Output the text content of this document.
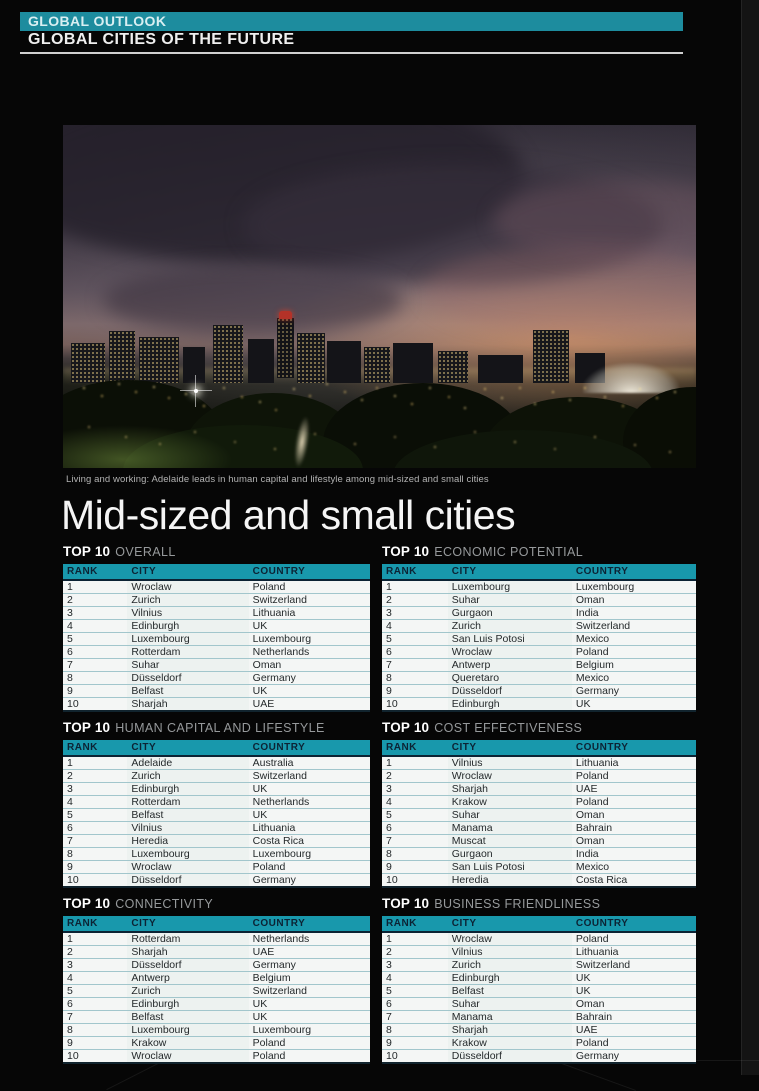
GLOBAL OUTLOOK
GLOBAL CITIES OF THE FUTURE
Living and working: Adelaide leads in human capital and lifestyle among mid-sized and small cities
Mid-sized and small cities
TOP 10 OVERALL
RANK	CITY	COUNTRY
1	Wroclaw	Poland
2	Zurich	Switzerland
3	Vilnius	Lithuania
4	Edinburgh	UK
5	Luxembourg	Luxembourg
6	Rotterdam	Netherlands
7	Suhar	Oman
8	Düsseldorf	Germany
9	Belfast	UK
10	Sharjah	UAE
TOP 10 ECONOMIC POTENTIAL
RANK	CITY	COUNTRY
1	Luxembourg	Luxembourg
2	Suhar	Oman
3	Gurgaon	India
4	Zurich	Switzerland
5	San Luis Potosi	Mexico
6	Wroclaw	Poland
7	Antwerp	Belgium
8	Queretaro	Mexico
9	Düsseldorf	Germany
10	Edinburgh	UK
TOP 10 HUMAN CAPITAL AND LIFESTYLE
RANK	CITY	COUNTRY
1	Adelaide	Australia
2	Zurich	Switzerland
3	Edinburgh	UK
4	Rotterdam	Netherlands
5	Belfast	UK
6	Vilnius	Lithuania
7	Heredia	Costa Rica
8	Luxembourg	Luxembourg
9	Wroclaw	Poland
10	Düsseldorf	Germany
TOP 10 COST EFFECTIVENESS
RANK	CITY	COUNTRY
1	Vilnius	Lithuania
2	Wroclaw	Poland
3	Sharjah	UAE
4	Krakow	Poland
5	Suhar	Oman
6	Manama	Bahrain
7	Muscat	Oman
8	Gurgaon	India
9	San Luis Potosi	Mexico
10	Heredia	Costa Rica
TOP 10 CONNECTIVITY
RANK	CITY	COUNTRY
1	Rotterdam	Netherlands
2	Sharjah	UAE
3	Düsseldorf	Germany
4	Antwerp	Belgium
5	Zurich	Switzerland
6	Edinburgh	UK
7	Belfast	UK
8	Luxembourg	Luxembourg
9	Krakow	Poland
10	Wroclaw	Poland
TOP 10 BUSINESS FRIENDLINESS
RANK	CITY	COUNTRY
1	Wroclaw	Poland
2	Vilnius	Lithuania
3	Zurich	Switzerland
4	Edinburgh	UK
5	Belfast	UK
6	Suhar	Oman
7	Manama	Bahrain
8	Sharjah	UAE
9	Krakow	Poland
10	Düsseldorf	Germany
